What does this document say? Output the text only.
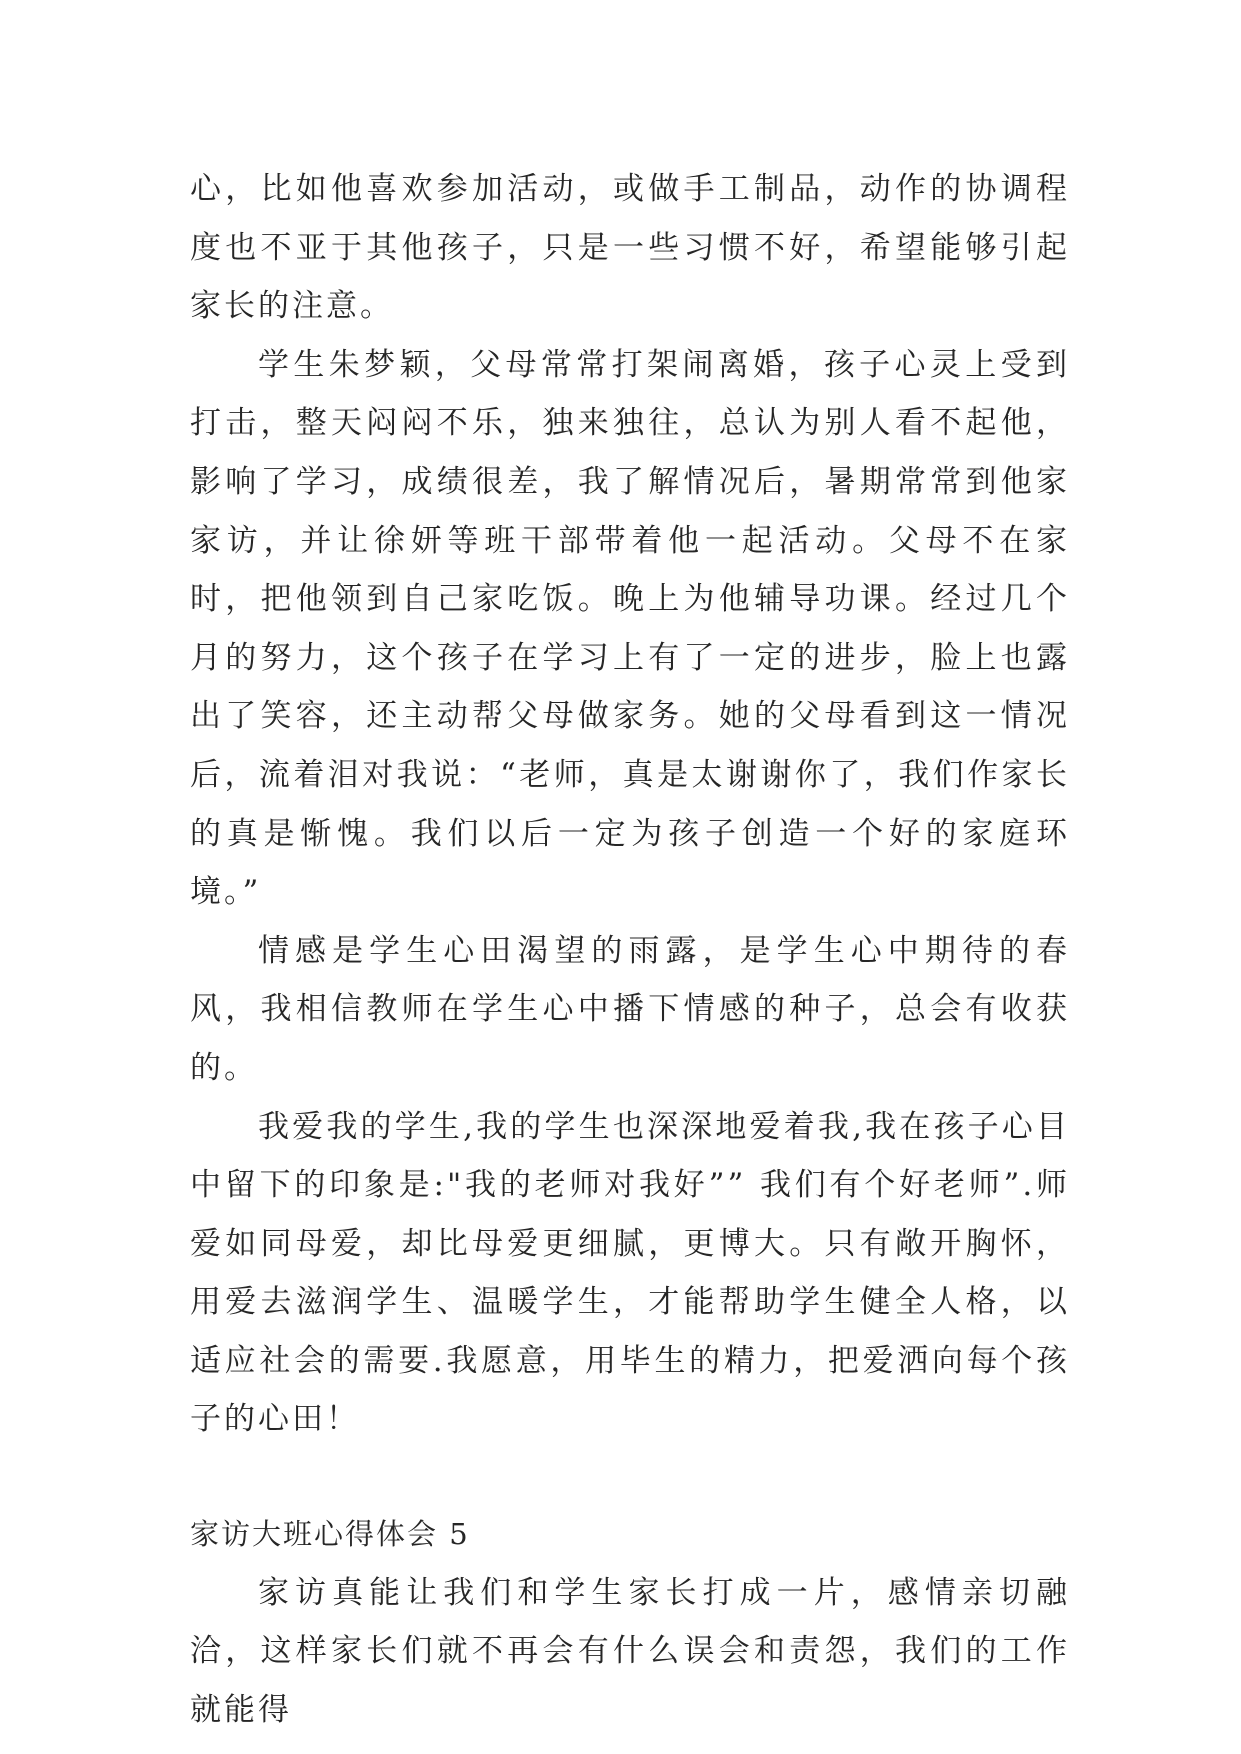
心，比如他喜欢参加活动，或做手工制品，动作的协调程度也不亚于其他孩子，只是一些习惯不好，希望能够引起家长的注意。

学生朱梦颖，父母常常打架闹离婚，孩子心灵上受到打击，整天闷闷不乐，独来独往，总认为别人看不起他，影响了学习，成绩很差，我了解情况后，暑期常常到他家家访，并让徐妍等班干部带着他一起活动。父母不在家时，把他领到自己家吃饭。晚上为他辅导功课。经过几个月的努力，这个孩子在学习上有了一定的进步，脸上也露出了笑容，还主动帮父母做家务。她的父母看到这一情况后，流着泪对我说：“老师，真是太谢谢你了，我们作家长的真是惭愧。我们以后一定为孩子创造一个好的家庭环境。”

情感是学生心田渴望的雨露，是学生心中期待的春风，我相信教师在学生心中播下情感的种子，总会有收获的。

我爱我的学生,我的学生也深深地爱着我,我在孩子心目中留下的印象是:"我的老师对我好”” 我们有个好老师”.师爱如同母爱，却比母爱更细腻，更博大。只有敞开胸怀，用爱去滋润学生、温暖学生，才能帮助学生健全人格，以适应社会的需要.我愿意，用毕生的精力，把爱洒向每个孩子的心田！

家访大班心得体会 5

家访真能让我们和学生家长打成一片，感情亲切融洽，这样家长们就不再会有什么误会和责怨，我们的工作就能得
